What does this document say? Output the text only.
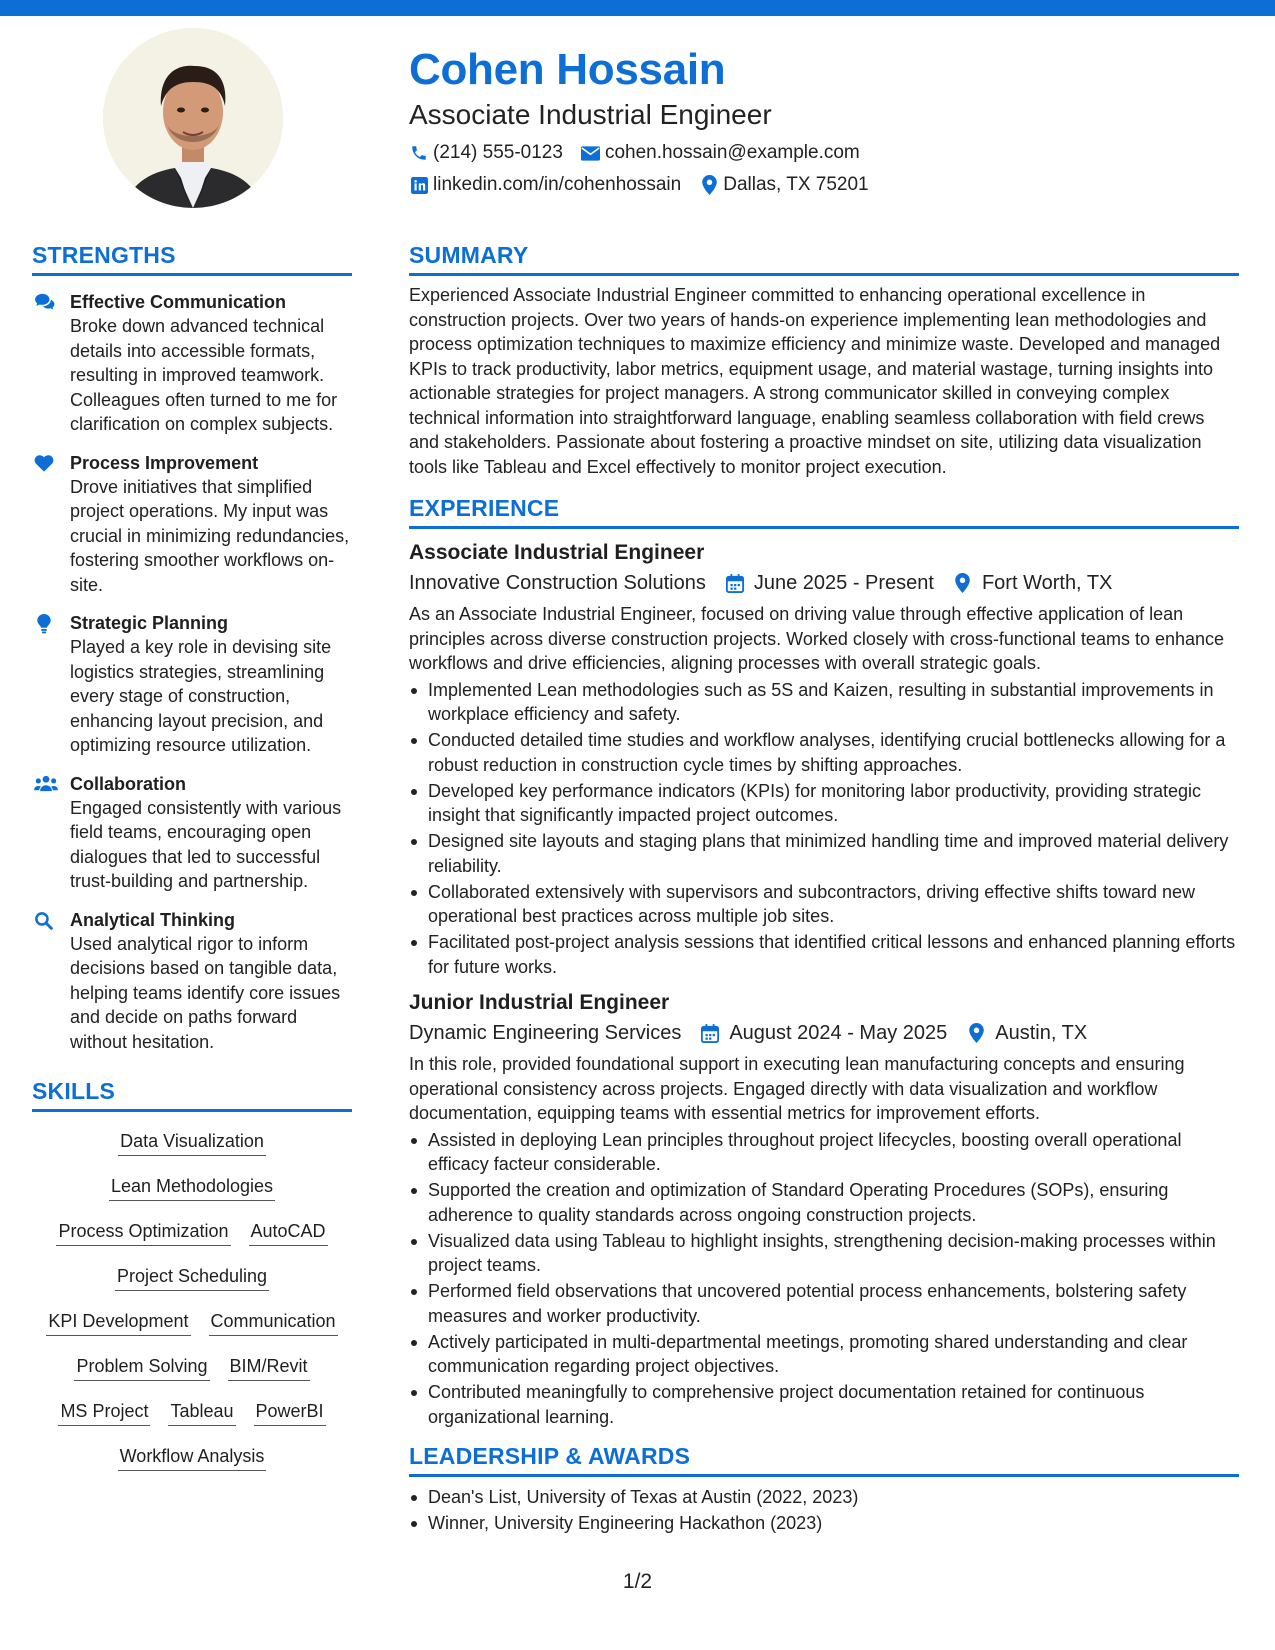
Cohen Hossain
Associate Industrial Engineer
(214) 555-0123 cohen.hossain@example.com
linkedin.com/in/cohenhossain Dallas, TX 75201
STRENGTHS
Effective Communication
Broke down advanced technical details into accessible formats, resulting in improved teamwork. Colleagues often turned to me for clarification on complex subjects.
Process Improvement
Drove initiatives that simplified project operations. My input was crucial in minimizing redundancies, fostering smoother workflows on-site.
Strategic Planning
Played a key role in devising site logistics strategies, streamlining every stage of construction, enhancing layout precision, and optimizing resource utilization.
Collaboration
Engaged consistently with various field teams, encouraging open dialogues that led to successful trust-building and partnership.
Analytical Thinking
Used analytical rigor to inform decisions based on tangible data, helping teams identify core issues and decide on paths forward without hesitation.
SKILLS
Data Visualization
Lean Methodologies
Process Optimization AutoCAD
Project Scheduling
KPI Development Communication
Problem Solving BIM/Revit
MS Project Tableau PowerBI
Workflow Analysis
SUMMARY
Experienced Associate Industrial Engineer committed to enhancing operational excellence in construction projects. Over two years of hands-on experience implementing lean methodologies and process optimization techniques to maximize efficiency and minimize waste. Developed and managed KPIs to track productivity, labor metrics, equipment usage, and material wastage, turning insights into actionable strategies for project managers. A strong communicator skilled in conveying complex technical information into straightforward language, enabling seamless collaboration with field crews and stakeholders. Passionate about fostering a proactive mindset on site, utilizing data visualization tools like Tableau and Excel effectively to monitor project execution.
EXPERIENCE
Associate Industrial Engineer
Innovative Construction Solutions June 2025 - Present Fort Worth, TX
As an Associate Industrial Engineer, focused on driving value through effective application of lean principles across diverse construction projects. Worked closely with cross-functional teams to enhance workflows and drive efficiencies, aligning processes with overall strategic goals.
Implemented Lean methodologies such as 5S and Kaizen, resulting in substantial improvements in workplace efficiency and safety.
Conducted detailed time studies and workflow analyses, identifying crucial bottlenecks allowing for a robust reduction in construction cycle times by shifting approaches.
Developed key performance indicators (KPIs) for monitoring labor productivity, providing strategic insight that significantly impacted project outcomes.
Designed site layouts and staging plans that minimized handling time and improved material delivery reliability.
Collaborated extensively with supervisors and subcontractors, driving effective shifts toward new operational best practices across multiple job sites.
Facilitated post-project analysis sessions that identified critical lessons and enhanced planning efforts for future works.
Junior Industrial Engineer
Dynamic Engineering Services August 2024 - May 2025 Austin, TX
In this role, provided foundational support in executing lean manufacturing concepts and ensuring operational consistency across projects. Engaged directly with data visualization and workflow documentation, equipping teams with essential metrics for improvement efforts.
Assisted in deploying Lean principles throughout project lifecycles, boosting overall operational efficacy facteur considerable.
Supported the creation and optimization of Standard Operating Procedures (SOPs), ensuring adherence to quality standards across ongoing construction projects.
Visualized data using Tableau to highlight insights, strengthening decision-making processes within project teams.
Performed field observations that uncovered potential process enhancements, bolstering safety measures and worker productivity.
Actively participated in multi-departmental meetings, promoting shared understanding and clear communication regarding project objectives.
Contributed meaningfully to comprehensive project documentation retained for continuous organizational learning.
LEADERSHIP & AWARDS
Dean's List, University of Texas at Austin (2022, 2023)
Winner, University Engineering Hackathon (2023)
1/2
